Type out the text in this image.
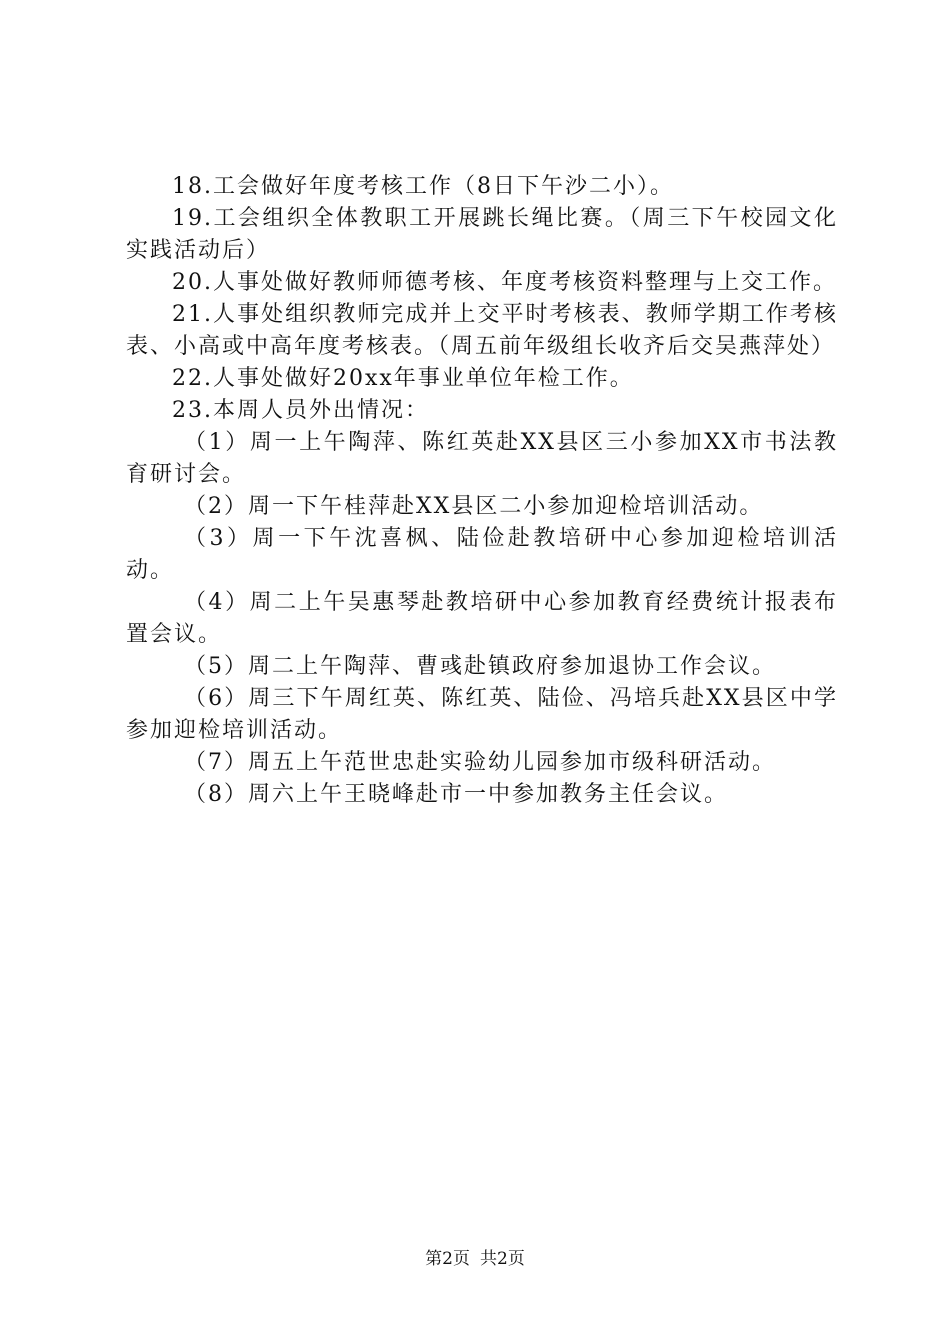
18.工会做好年度考核工作（8日下午沙二小）。

19.工会组织全体教职工开展跳长绳比赛。（周三下午校园文化实践活动后）

20.人事处做好教师师德考核、年度考核资料整理与上交工作。

21.人事处组织教师完成并上交平时考核表、教师学期工作考核表、小高或中高年度考核表。（周五前年级组长收齐后交吴燕萍处）

22.人事处做好20xx年事业单位年检工作。

23.本周人员外出情况：

（1）周一上午陶萍、陈红英赴XX县区三小参加XX市书法教育研讨会。

（2）周一下午桂萍赴XX县区二小参加迎检培训活动。

（3）周一下午沈喜枫、陆俭赴教培研中心参加迎检培训活动。

（4）周二上午吴惠琴赴教培研中心参加教育经费统计报表布置会议。

（5）周二上午陶萍、曹彧赴镇政府参加退协工作会议。

（6）周三下午周红英、陈红英、陆俭、冯培兵赴XX县区中学参加迎检培训活动。

（7）周五上午范世忠赴实验幼儿园参加市级科研活动。

（8）周六上午王晓峰赴市一中参加教务主任会议。

第2页 共2页
